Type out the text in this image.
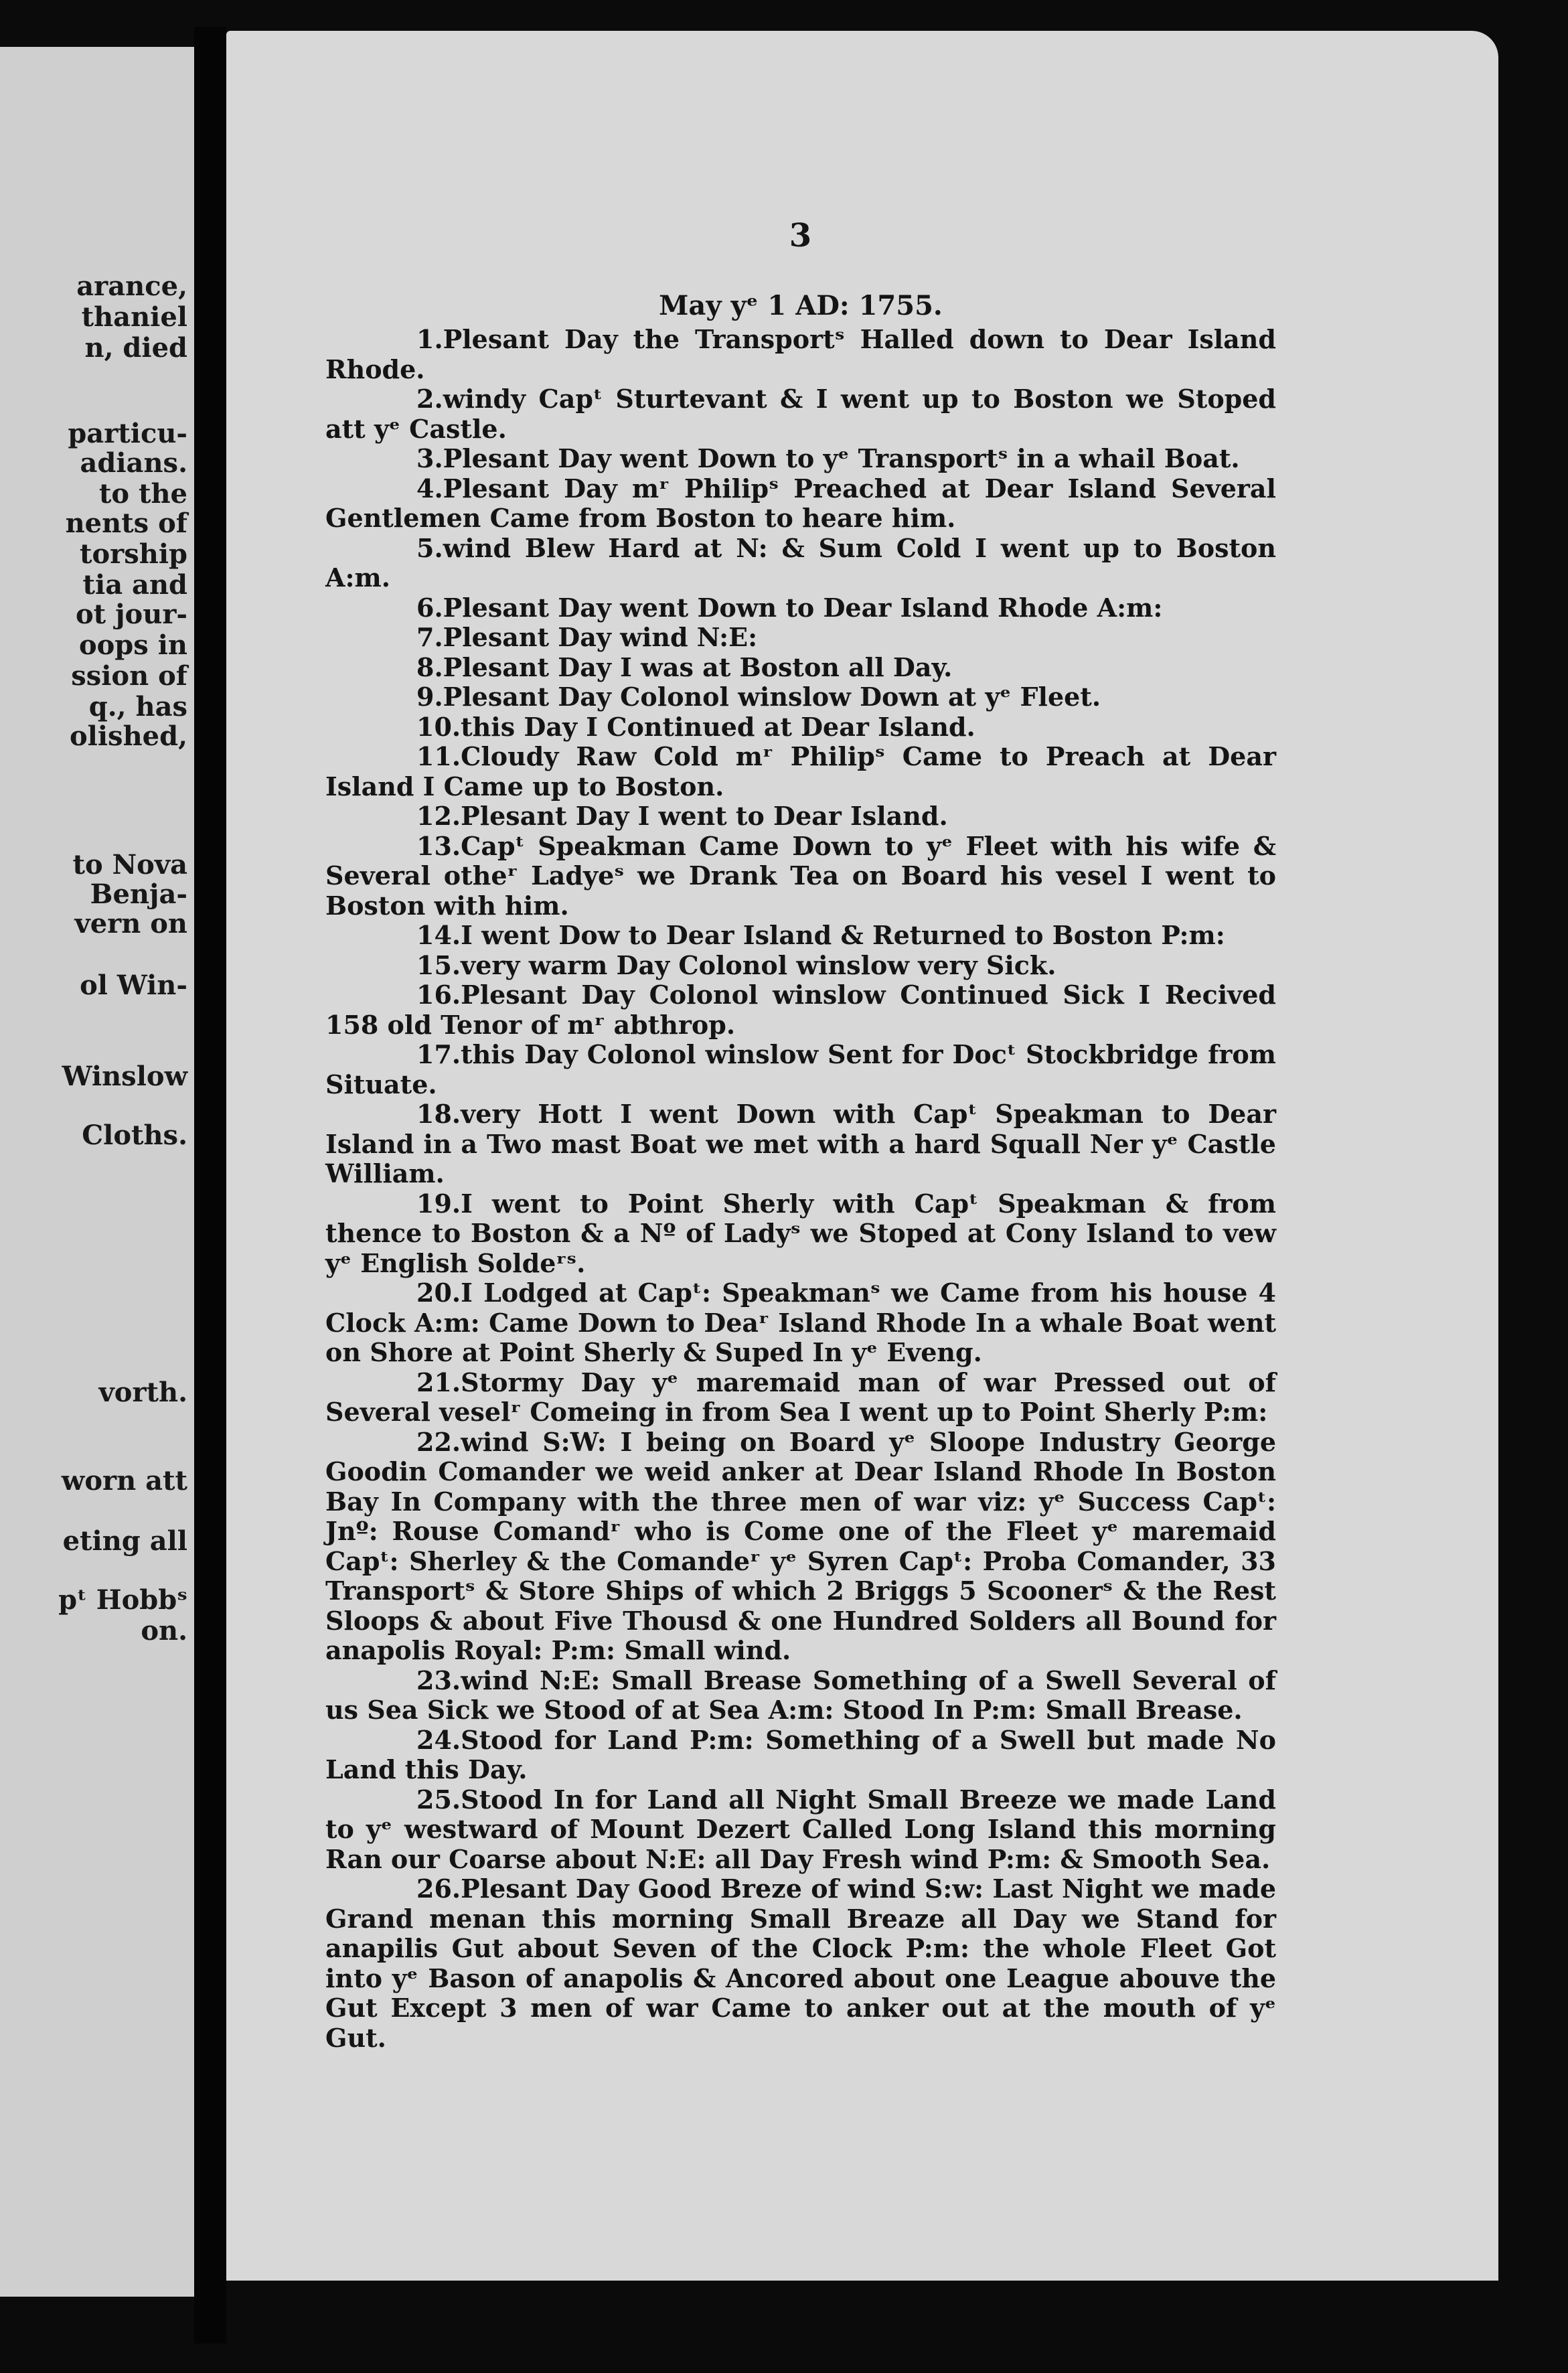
arance,
thaniel
n, died
particu-
adians.
to the
nents of
torship
tia and
ot jour-
oops in
ssion of
q., has
olished,
to Nova
Benja-
vern on
ol Win-
Winslow
Cloths.
vorth.
worn att
eting all
pᵗ Hobbˢ
on.
3
May yᵉ 1 AD: 1755.

1.Plesant Day the Transportˢ Halled down to Dear Island Rhode.

2.windy Capᵗ Sturtevant & I went up to Boston we Stoped att yᵉ Castle.

3.Plesant Day went Down to yᵉ Transportˢ in a whail Boat.

4.Plesant Day mʳ Philipˢ Preached at Dear Island Several Gentlemen Came from Boston to heare him.

5.wind Blew Hard at N: & Sum Cold I went up to Boston A:m.

6.Plesant Day went Down to Dear Island Rhode A:m:

7.Plesant Day wind N:E:

8.Plesant Day I was at Boston all Day.

9.Plesant Day Colonol winslow Down at yᵉ Fleet.

10.this Day I Continued at Dear Island.

11.Cloudy Raw Cold mʳ Philipˢ Came to Preach at Dear Island I Came up to Boston.

12.Plesant Day I went to Dear Island.

13.Capᵗ Speakman Came Down to yᵉ Fleet with his wife & Several otheʳ Ladyeˢ we Drank Tea on Board his vesel I went to Boston with him.

14.I went Dow to Dear Island & Returned to Boston P:m:

15.very warm Day Colonol winslow very Sick.

16.Plesant Day Colonol winslow Continued Sick I Recived 158 old Tenor of mʳ abthrop.

17.this Day Colonol winslow Sent for Docᵗ Stockbridge from Situate.

18.very Hott I went Down with Capᵗ Speakman to Dear Island in a Two mast Boat we met with a hard Squall Ner yᵉ Castle William.

19.I went to Point Sherly with Capᵗ Speakman & from thence to Boston & a Nº of Ladyˢ we Stoped at Cony Island to vew yᵉ English Soldeʳˢ.

20.I Lodged at Capᵗ: Speakmanˢ we Came from his house 4 Clock A:m: Came Down to Deaʳ Island Rhode In a whale Boat went on Shore at Point Sherly & Suped In yᵉ Eveng.

21.Stormy Day yᵉ maremaid man of war Pressed out of Several veselʳ Comeing in from Sea I went up to Point Sherly P:m:

22.wind S:W: I being on Board yᵉ Sloope Industry George Goodin Comander we weid anker at Dear Island Rhode In Boston Bay In Company with the three men of war viz: yᵉ Success Capᵗ: Jnº: Rouse Comandʳ who is Come one of the Fleet yᵉ maremaid Capᵗ: Sherley & the Comandeʳ yᵉ Syren Capᵗ: Proba Comander, 33 Transportˢ & Store Ships of which 2 Briggs 5 Scoonerˢ & the Rest Sloops & about Five Thousd & one Hundred Solders all Bound for anapolis Royal: P:m: Small wind.

23.wind N:E: Small Brease Something of a Swell Several of us Sea Sick we Stood of at Sea A:m: Stood In P:m: Small Brease.

24.Stood for Land P:m: Something of a Swell but made No Land this Day.

25.Stood In for Land all Night Small Breeze we made Land to yᵉ westward of Mount Dezert Called Long Island this morning Ran our Coarse about N:E: all Day Fresh wind P:m: & Smooth Sea.

26.Plesant Day Good Breze of wind S:w: Last Night we made Grand menan this morning Small Breaze all Day we Stand for anapilis Gut about Seven of the Clock P:m: the whole Fleet Got into yᵉ Bason of anapolis & Ancored about one League abouve the Gut Except 3 men of war Came to anker out at the mouth of yᵉ Gut.
